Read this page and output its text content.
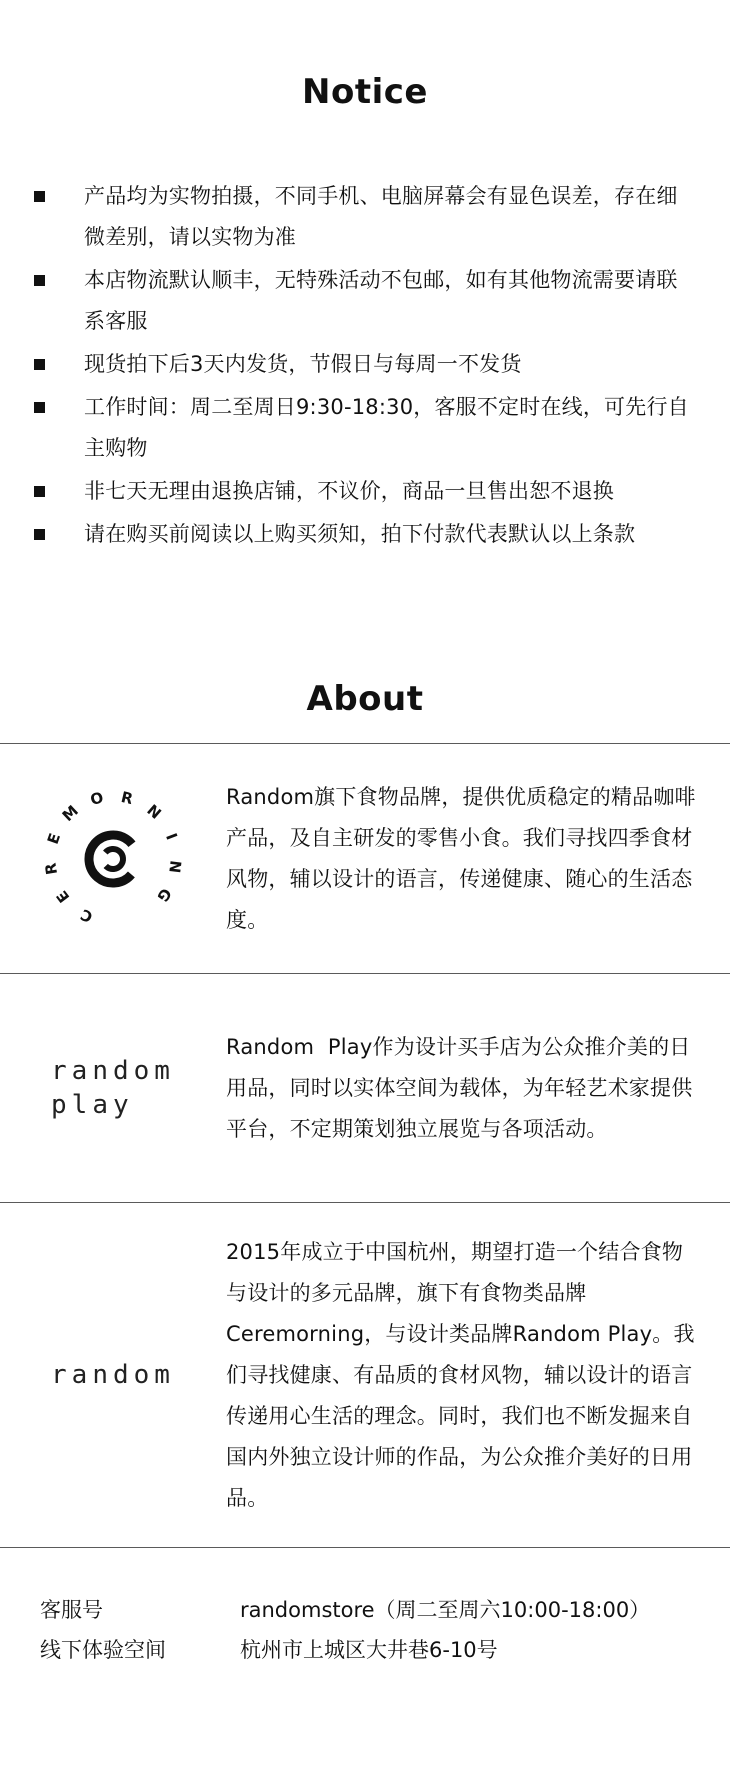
Notice
产品均为实物拍摄，不同手机、电脑屏幕会有显色误差，存在细微差别，请以实物为准
本店物流默认顺丰，无特殊活动不包邮，如有其他物流需要请联系客服
现货拍下后3天内发货，节假日与每周一不发货
工作时间：周二至周日9:30-18:30，客服不定时在线，可先行自主购物
非七天无理由退换店铺，不议价，商品一旦售出恕不退换
请在购买前阅读以上购买须知，拍下付款代表默认以上条款
About
C
E
R
E
M
O R
N
I
N
G
Random旗下食物品牌，提供优质稳定的精品咖啡产品，及自主研发的零售小食。我们寻找四季食材风物，辅以设计的语言，传递健康、随心的生活态度。
random
play
Random  Play作为设计买手店为公众推介美的日用品，同时以实体空间为载体，为年轻艺术家提供平台，不定期策划独立展览与各项活动。
random
2015年成立于中国杭州，期望打造一个结合食物与设计的多元品牌，旗下有食物类品牌Ceremorning，与设计类品牌Random Play。我们寻找健康、有品质的食材风物，辅以设计的语言传递用心生活的理念。同时，我们也不断发掘来自国内外独立设计师的作品，为公众推介美好的日用品。
客服号	randomstore（周二至周六10:00-18:00）
线下体验空间	杭州市上城区大井巷6-10号
